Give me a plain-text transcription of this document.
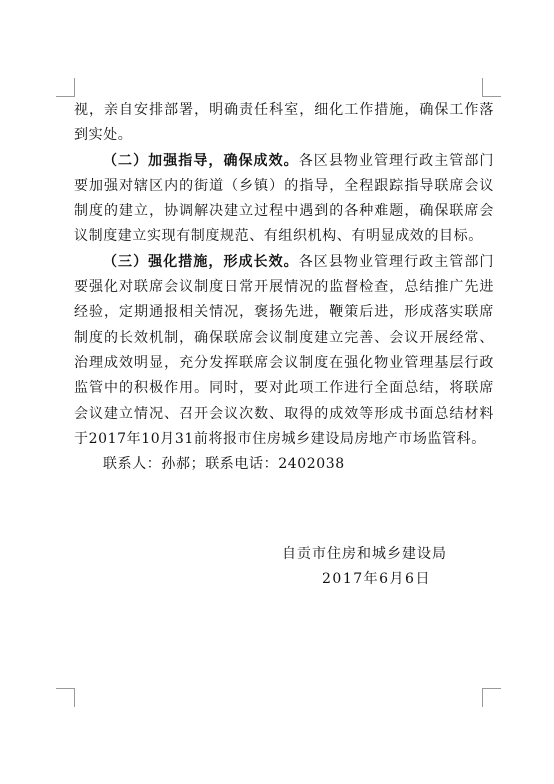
视，亲自安排部署，明确责任科室，细化工作措施，确保工作落到实处。

（二）加强指导，确保成效。各区县物业管理行政主管部门要加强对辖区内的街道（乡镇）的指导，全程跟踪指导联席会议制度的建立，协调解决建立过程中遇到的各种难题，确保联席会议制度建立实现有制度规范、有组织机构、有明显成效的目标。

（三）强化措施，形成长效。各区县物业管理行政主管部门要强化对联席会议制度日常开展情况的监督检查，总结推广先进经验，定期通报相关情况，褒扬先进，鞭策后进，形成落实联席制度的长效机制，确保联席会议制度建立完善、会议开展经常、治理成效明显，充分发挥联席会议制度在强化物业管理基层行政监管中的积极作用。同时，要对此项工作进行全面总结，将联席会议建立情况、召开会议次数、取得的成效等形成书面总结材料于2017年10月31前将报市住房城乡建设局房地产市场监管科。

联系人：孙郝；联系电话：2402038

自贡市住房和城乡建设局
2017年6月6日
